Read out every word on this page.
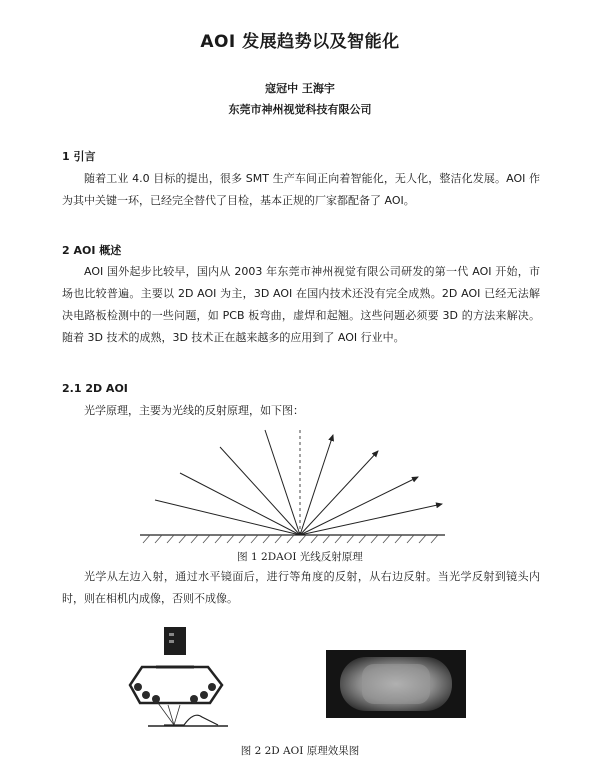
AOI 发展趋势以及智能化
寇冠中 王海宇
东莞市神州视觉科技有限公司
1 引言

随着工业 4.0 目标的提出，很多 SMT 生产车间正向着智能化，无人化，整洁化发展。AOI 作为其中关键一环，已经完全替代了目检，基本正规的厂家都配备了 AOI。

2 AOI 概述

AOI 国外起步比较早，国内从 2003 年东莞市神州视觉有限公司研发的第一代 AOI 开始，市场也比较普遍。主要以 2D AOI 为主，3D AOI 在国内技术还没有完全成熟。2D AOI 已经无法解决电路板检测中的一些问题，如 PCB 板弯曲，虚焊和起翘。这些问题必须要 3D 的方法来解决。随着 3D 技术的成熟，3D 技术正在越来越多的应用到了 AOI 行业中。

2.1 2D AOI

光学原理，主要为光线的反射原理，如下图：

图 1 2DAOI 光线反射原理

光学从左边入射，通过水平镜面后，进行等角度的反射，从右边反射。当光学反射到镜头内时，则在相机内成像，否则不成像。

图 2 2D AOI 原理效果图
